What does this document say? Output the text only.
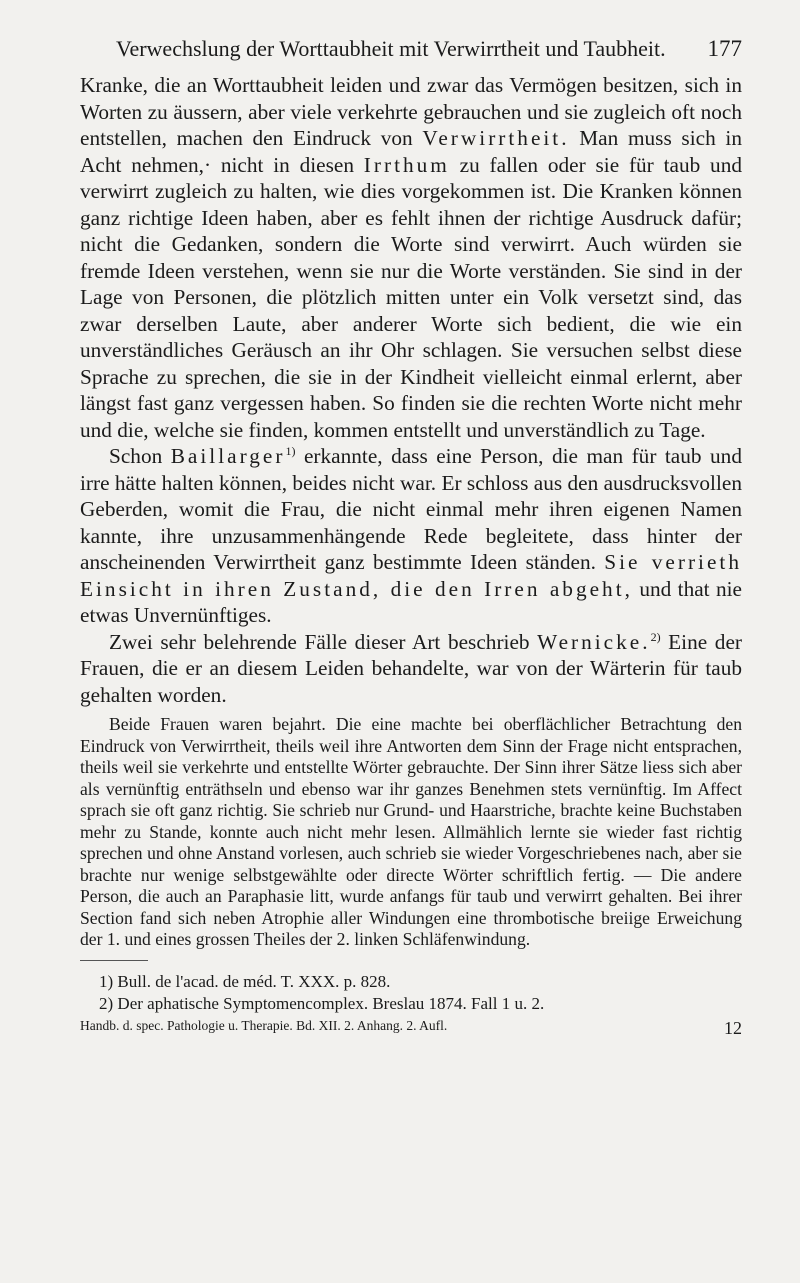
Verwechslung der Worttaubheit mit Verwirrtheit und Taubheit. 177

Kranke, die an Worttaubheit leiden und zwar das Vermögen besitzen, sich in Worten zu äussern, aber viele verkehrte gebrauchen und sie zugleich oft noch entstellen, machen den Eindruck von Verwirrtheit. Man muss sich in Acht nehmen,· nicht in diesen Irrthum zu fallen oder sie für taub und verwirrt zugleich zu halten, wie dies vorgekommen ist. Die Kranken können ganz richtige Ideen haben, aber es fehlt ihnen der richtige Ausdruck dafür; nicht die Gedanken, sondern die Worte sind verwirrt. Auch würden sie fremde Ideen verstehen, wenn sie nur die Worte verständen. Sie sind in der Lage von Personen, die plötzlich mitten unter ein Volk versetzt sind, das zwar derselben Laute, aber anderer Worte sich bedient, die wie ein unverständliches Geräusch an ihr Ohr schlagen. Sie versuchen selbst diese Sprache zu sprechen, die sie in der Kindheit vielleicht einmal erlernt, aber längst fast ganz vergessen haben. So finden sie die rechten Worte nicht mehr und die, welche sie finden, kommen entstellt und unverständlich zu Tage.

Schon Baillarger$^{1)}$ erkannte, dass eine Person, die man für taub und irre hätte halten können, beides nicht war. Er schloss aus den ausdrucksvollen Geberden, womit die Frau, die nicht einmal mehr ihren eigenen Namen kannte, ihre unzusammenhängende Rede begleitete, dass hinter der anscheinenden Verwirrtheit ganz bestimmte Ideen ständen. Sie verrieth Einsicht in ihren Zustand, die den Irren abgeht, und that nie etwas Unvernünftiges.

Zwei sehr belehrende Fälle dieser Art beschrieb Wernicke.$^{2)}$ Eine der Frauen, die er an diesem Leiden behandelte, war von der Wärterin für taub gehalten worden.

Beide Frauen waren bejahrt. Die eine machte bei oberflächlicher Betrachtung den Eindruck von Verwirrtheit, theils weil ihre Antworten dem Sinn der Frage nicht entsprachen, theils weil sie verkehrte und entstellte Wörter gebrauchte. Der Sinn ihrer Sätze liess sich aber als vernünftig enträthseln und ebenso war ihr ganzes Benehmen stets vernünftig. Im Affect sprach sie oft ganz richtig. Sie schrieb nur Grund- und Haarstriche, brachte keine Buchstaben mehr zu Stande, konnte auch nicht mehr lesen. Allmählich lernte sie wieder fast richtig sprechen und ohne Anstand vorlesen, auch schrieb sie wieder Vorgeschriebenes nach, aber sie brachte nur wenige selbstgewählte oder directe Wörter schriftlich fertig. — Die andere Person, die auch an Paraphasie litt, wurde anfangs für taub und verwirrt gehalten. Bei ihrer Section fand sich neben Atrophie aller Windungen eine thrombotische breiige Erweichung der 1. und eines grossen Theiles der 2. linken Schläfenwindung.

1) Bull. de l'acad. de méd. T. XXX. p. 828.

2) Der aphatische Symptomencomplex. Breslau 1874. Fall 1 u. 2.

Handb. d. spec. Pathologie u. Therapie. Bd. XII. 2. Anhang. 2. Aufl.	12
